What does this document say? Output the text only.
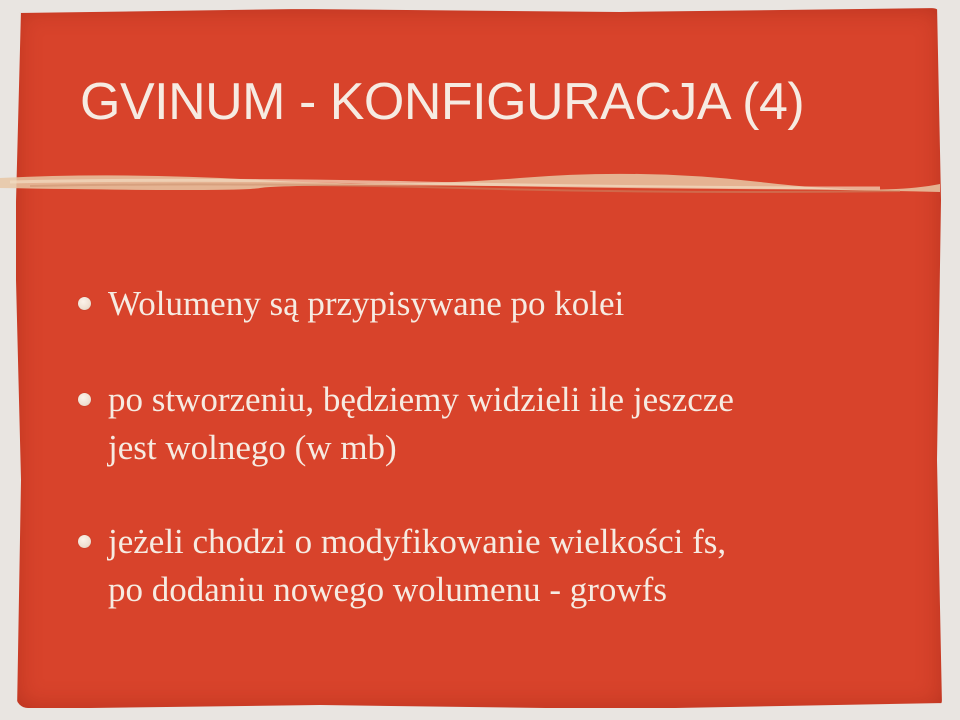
GVINUM - KONFIGURACJA (4)
Wolumeny są przypisywane po kolei
po stworzeniu, będziemy widzieli ile jeszcze
jest wolnego (w mb)
jeżeli chodzi o modyfikowanie wielkości fs,
po dodaniu nowego wolumenu - growfs
